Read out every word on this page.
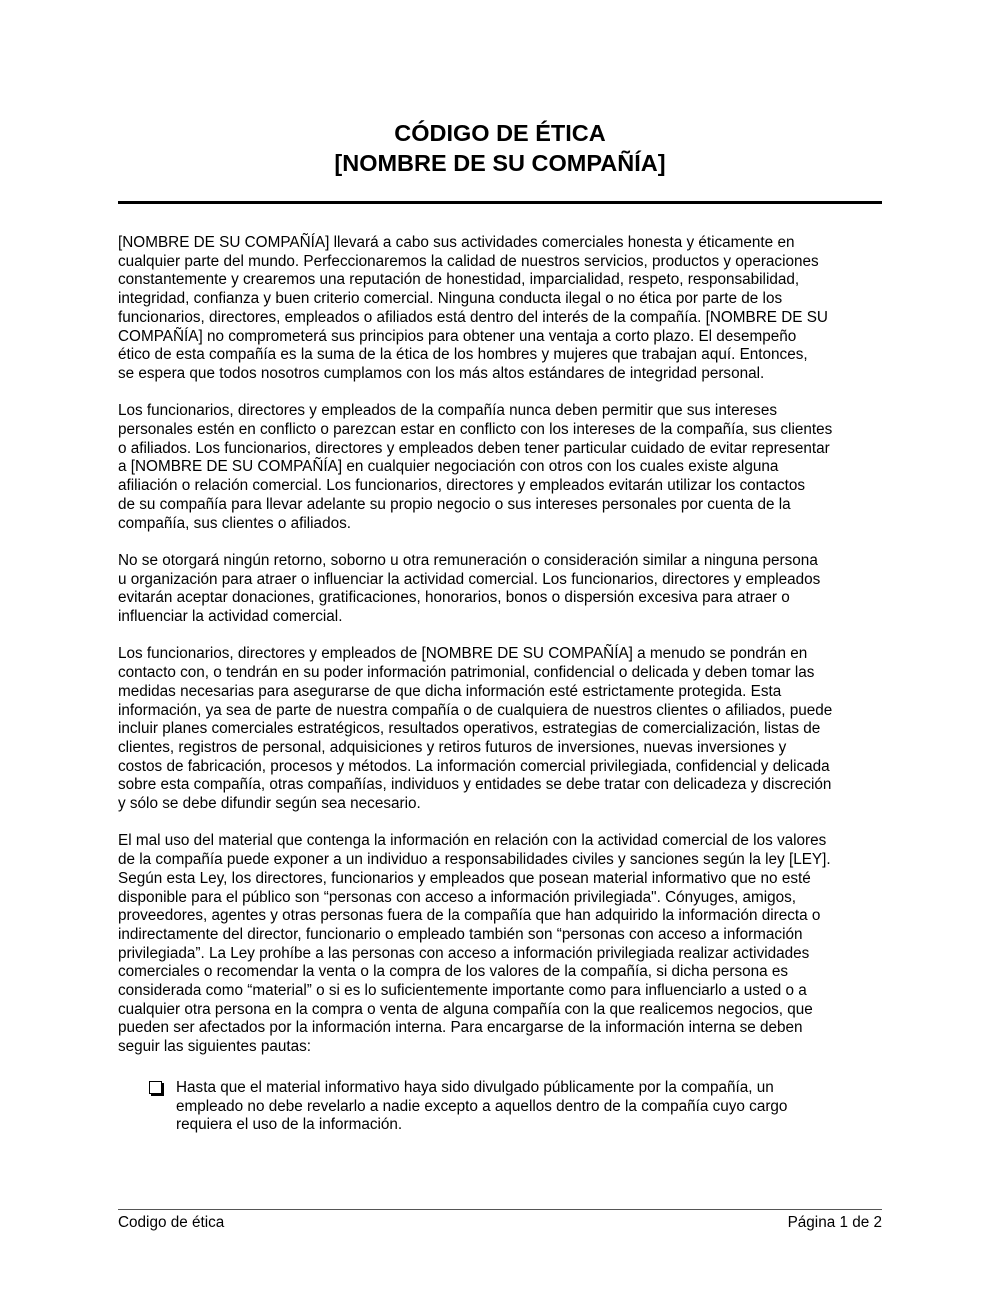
CÓDIGO DE ÉTICA
[NOMBRE DE SU COMPAÑÍA]

[NOMBRE DE SU COMPAÑÍA] llevará a cabo sus actividades comerciales honesta y éticamente en
cualquier parte del mundo. Perfeccionaremos la calidad de nuestros servicios, productos y operaciones
constantemente y crearemos una reputación de honestidad, imparcialidad, respeto, responsabilidad,
integridad, confianza y buen criterio comercial. Ninguna conducta ilegal o no ética por parte de los
funcionarios, directores, empleados o afiliados está dentro del interés de la compañía. [NOMBRE DE SU
COMPAÑÍA] no comprometerá sus principios para obtener una ventaja a corto plazo. El desempeño
ético de esta compañía es la suma de la ética de los hombres y mujeres que trabajan aquí. Entonces,
se espera que todos nosotros cumplamos con los más altos estándares de integridad personal.

Los funcionarios, directores y empleados de la compañía nunca deben permitir que sus intereses
personales estén en conflicto o parezcan estar en conflicto con los intereses de la compañía, sus clientes
o afiliados. Los funcionarios, directores y empleados deben tener particular cuidado de evitar representar
a [NOMBRE DE SU COMPAÑÍA] en cualquier negociación con otros con los cuales existe alguna
afiliación o relación comercial. Los funcionarios, directores y empleados evitarán utilizar los contactos
de su compañía para llevar adelante su propio negocio o sus intereses personales por cuenta de la
compañía, sus clientes o afiliados.

No se otorgará ningún retorno, soborno u otra remuneración o consideración similar a ninguna persona
u organización para atraer o influenciar la actividad comercial. Los funcionarios, directores y empleados
evitarán aceptar donaciones, gratificaciones, honorarios, bonos o dispersión excesiva para atraer o
influenciar la actividad comercial.

Los funcionarios, directores y empleados de [NOMBRE DE SU COMPAÑÍA] a menudo se pondrán en
contacto con, o tendrán en su poder información patrimonial, confidencial o delicada y deben tomar las
medidas necesarias para asegurarse de que dicha información esté estrictamente protegida. Esta
información, ya sea de parte de nuestra compañía o de cualquiera de nuestros clientes o afiliados, puede
incluir planes comerciales estratégicos, resultados operativos, estrategias de comercialización, listas de
clientes, registros de personal, adquisiciones y retiros futuros de inversiones, nuevas inversiones y
costos de fabricación, procesos y métodos. La información comercial privilegiada, confidencial y delicada
sobre esta compañía, otras compañías, individuos y entidades se debe tratar con delicadeza y discreción
y sólo se debe difundir según sea necesario.

El mal uso del material que contenga la información en relación con la actividad comercial de los valores
de la compañía puede exponer a un individuo a responsabilidades civiles y sanciones según la ley [LEY].
Según esta Ley, los directores, funcionarios y empleados que posean material informativo que no esté
disponible para el público son “personas con acceso a información privilegiada". Cónyuges, amigos,
proveedores, agentes y otras personas fuera de la compañía que han adquirido la información directa o
indirectamente del director, funcionario o empleado también son “personas con acceso a información
privilegiada”. La Ley prohíbe a las personas con acceso a información privilegiada realizar actividades
comerciales o recomendar la venta o la compra de los valores de la compañía, si dicha persona es
considerada como “material” o si es lo suficientemente importante como para influenciarlo a usted o a
cualquier otra persona en la compra o venta de alguna compañía con la que realicemos negocios, que
pueden ser afectados por la información interna. Para encargarse de la información interna se deben
seguir las siguientes pautas:

Hasta que el material informativo haya sido divulgado públicamente por la compañía, un
empleado no debe revelarlo a nadie excepto a aquellos dentro de la compañía cuyo cargo
requiera el uso de la información.
Codigo de ética	Página 1 de 2
